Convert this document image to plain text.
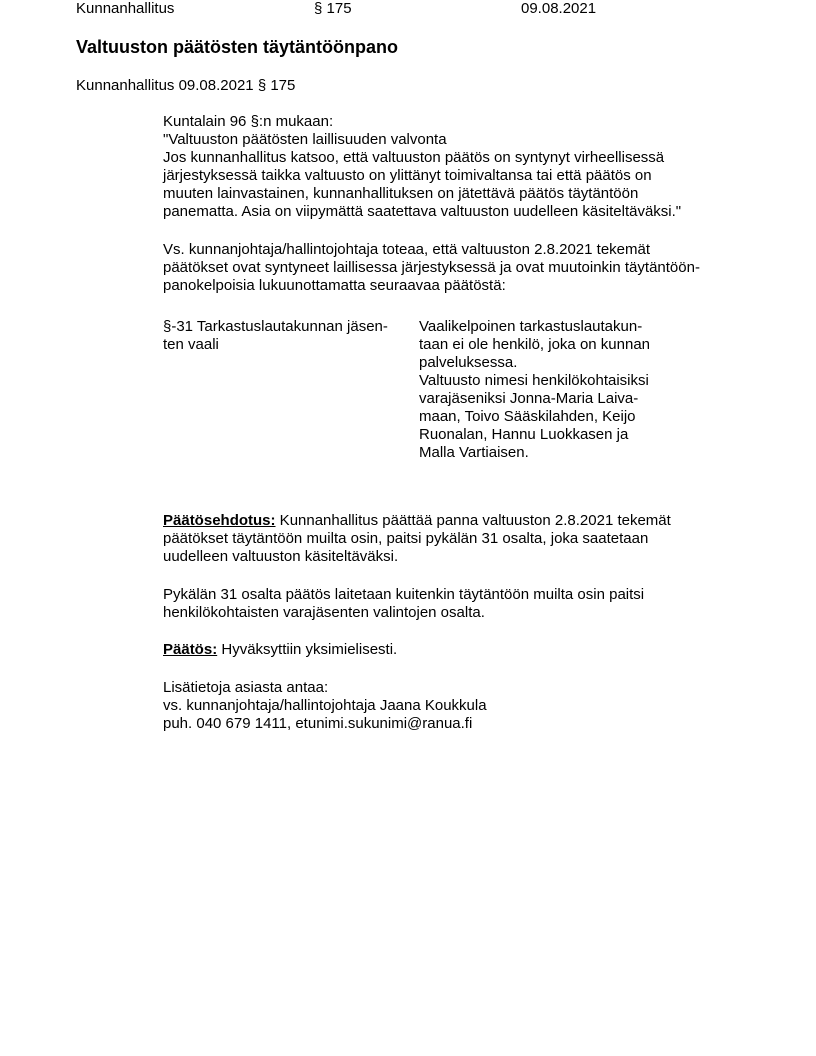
Kunnanhallitus	§ 175	09.08.2021
Valtuuston päätösten täytäntöönpano
Kunnanhallitus 09.08.2021 § 175
Kuntalain 96 §:n mukaan:
"Valtuuston päätösten laillisuuden valvonta
Jos kunnanhallitus katsoo, että valtuuston päätös on syntynyt virheellisessä
järjestyksessä taikka valtuusto on ylittänyt toimivaltansa tai että päätös on
muuten lainvastainen, kunnanhallituksen on jätettävä päätös täytäntöön
panematta. Asia on viipymättä saatettava valtuuston uudelleen käsiteltäväksi."
Vs. kunnanjohtaja/hallintojohtaja toteaa, että valtuuston 2.8.2021 tekemät
päätökset ovat syntyneet laillisessa järjestyksessä ja ovat muutoinkin täytäntöön-
panokelpoisia lukuunottamatta seuraavaa päätöstä:
§-31 Tarkastuslautakunnan jäsen-
ten vaali
Vaalikelpoinen tarkastuslautakun-
taan ei ole henkilö, joka on kunnan
palveluksessa.
Valtuusto nimesi henkilökohtaisiksi
varajäseniksi Jonna-Maria Laiva-
maan, Toivo Sääskilahden, Keijo
Ruonalan, Hannu Luokkasen ja
Malla Vartiaisen.
Päätösehdotus: Kunnanhallitus päättää panna valtuuston 2.8.2021 tekemät
päätökset täytäntöön muilta osin, paitsi pykälän 31 osalta, joka saatetaan
uudelleen valtuuston käsiteltäväksi.
Pykälän 31 osalta päätös laitetaan kuitenkin täytäntöön muilta osin paitsi
henkilökohtaisten varajäsenten valintojen osalta.
Päätös: Hyväksyttiin yksimielisesti.
Lisätietoja asiasta antaa:
vs. kunnanjohtaja/hallintojohtaja Jaana Koukkula
puh. 040 679 1411, etunimi.sukunimi@ranua.fi
